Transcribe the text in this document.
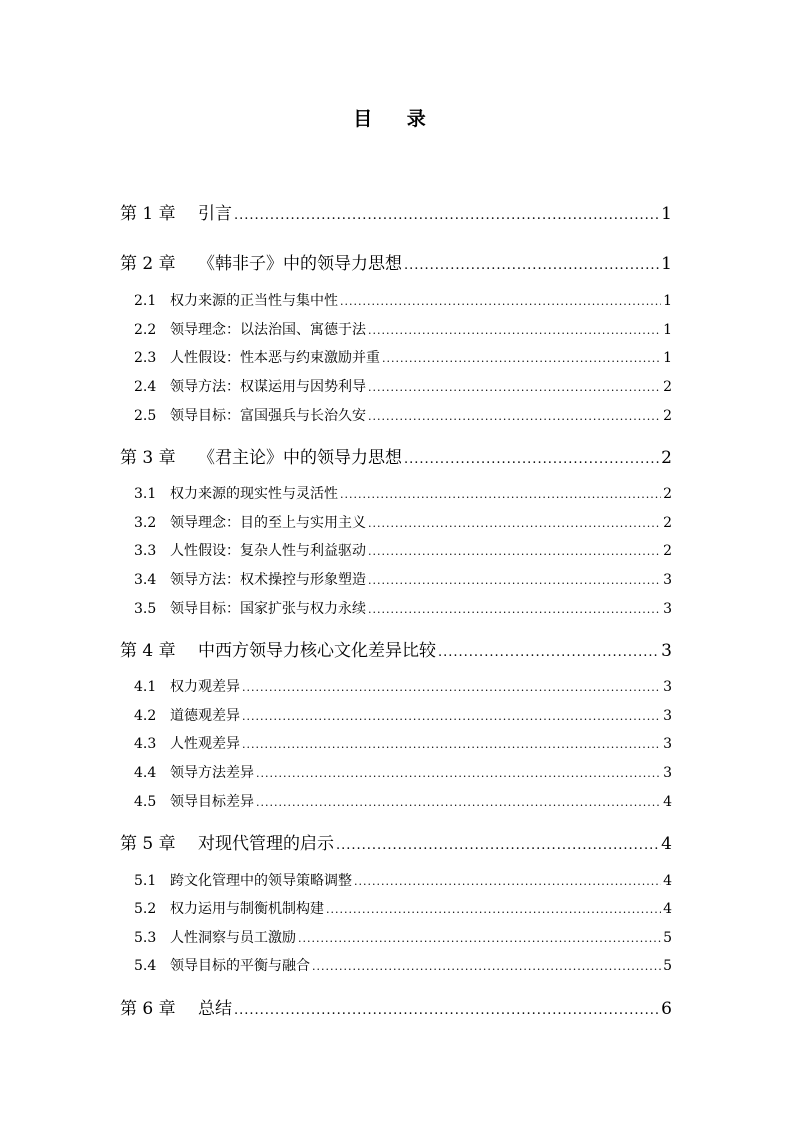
目 录
第 1 章	引言 .....	1
第 2 章	《韩非子》中的领导力思想 .....	1
2.1 权力来源的正当性与集中性 .....	1
2.2 领导理念：以法治国、寓德于法 .....	1
2.3 人性假设：性本恶与约束激励并重 .....	1
2.4 领导方法：权谋运用与因势利导 .....	2
2.5 领导目标：富国强兵与长治久安 .....	2
第 3 章	《君主论》中的领导力思想 .....	2
3.1 权力来源的现实性与灵活性 .....	2
3.2 领导理念：目的至上与实用主义 .....	2
3.3 人性假设：复杂人性与利益驱动 .....	2
3.4 领导方法：权术操控与形象塑造 .....	3
3.5 领导目标：国家扩张与权力永续 .....	3
第 4 章	中西方领导力核心文化差异比较 .....	3
4.1 权力观差异 .....	3
4.2 道德观差异 .....	3
4.3 人性观差异 .....	3
4.4 领导方法差异 .....	3
4.5 领导目标差异 .....	4
第 5 章	对现代管理的启示 .....	4
5.1 跨文化管理中的领导策略调整 .....	4
5.2 权力运用与制衡机制构建 .....	4
5.3 人性洞察与员工激励 .....	5
5.4 领导目标的平衡与融合 .....	5
第 6 章	总结 .....	6
